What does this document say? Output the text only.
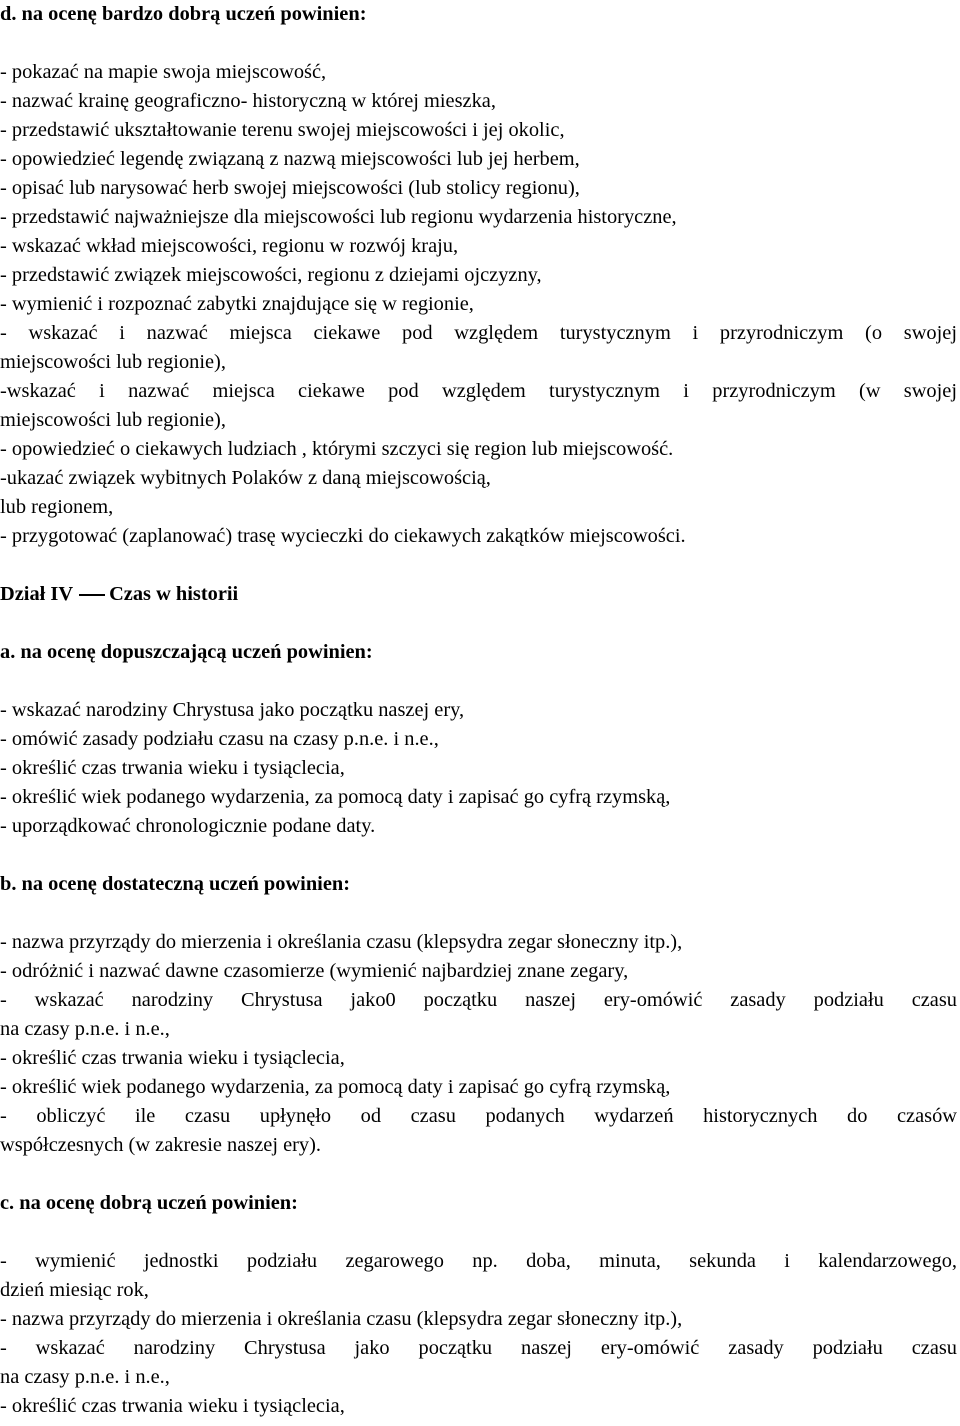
d. na ocenę bardzo dobrą uczeń powinien:
- pokazać na mapie swoja miejscowość,
- nazwać krainę geograficzno- historyczną w której mieszka,
- przedstawić ukształtowanie terenu swojej miejscowości i jej okolic,
- opowiedzieć legendę związaną z nazwą miejscowości lub jej herbem,
- opisać lub narysować herb swojej miejscowości (lub stolicy regionu),
- przedstawić najważniejsze dla miejscowości lub regionu wydarzenia historyczne,
- wskazać wkład miejscowości, regionu w rozwój kraju,
- przedstawić związek miejscowości, regionu z dziejami ojczyzny,
- wymienić i rozpoznać zabytki znajdujące się w regionie,
- wskazać i nazwać miejsca ciekawe pod względem turystycznym i przyrodniczym (o swojej
miejscowości lub regionie),
-wskazać i nazwać miejsca ciekawe pod względem turystycznym i przyrodniczym (w swojej
miejscowości lub regionie),
- opowiedzieć o ciekawych ludziach , którymi szczyci się region lub miejscowość.
-ukazać związek wybitnych Polaków z daną miejscowością,
lub regionem,
- przygotować (zaplanować) trasę wycieczki do ciekawych zakątków miejscowości.
Dział IV Czas w historii
a. na ocenę dopuszczającą uczeń powinien:
- wskazać narodziny Chrystusa jako początku naszej ery,
- omówić zasady podziału czasu na czasy p.n.e. i n.e.,
- określić czas trwania wieku i tysiąclecia,
- określić wiek podanego wydarzenia, za pomocą daty i zapisać go cyfrą rzymską,
- uporządkować chronologicznie podane daty.
b. na ocenę dostateczną uczeń powinien:
- nazwa przyrządy do mierzenia i określania czasu (klepsydra zegar słoneczny itp.),
- odróżnić i nazwać dawne czasomierze (wymienić najbardziej znane zegary,
- wskazać narodziny Chrystusa jako0 początku naszej ery-omówić zasady podziału czasu
na czasy p.n.e. i n.e.,
- określić czas trwania wieku i tysiąclecia,
- określić wiek podanego wydarzenia, za pomocą daty i zapisać go cyfrą rzymską,
- obliczyć ile czasu upłynęło od czasu podanych wydarzeń historycznych do czasów
współczesnych (w zakresie naszej ery).
c. na ocenę dobrą uczeń powinien:
- wymienić jednostki podziału zegarowego np. doba, minuta, sekunda i kalendarzowego,
dzień miesiąc rok,
- nazwa przyrządy do mierzenia i określania czasu (klepsydra zegar słoneczny itp.),
- wskazać narodziny Chrystusa jako początku naszej ery-omówić zasady podziału czasu
na czasy p.n.e. i n.e.,
- określić czas trwania wieku i tysiąclecia,
